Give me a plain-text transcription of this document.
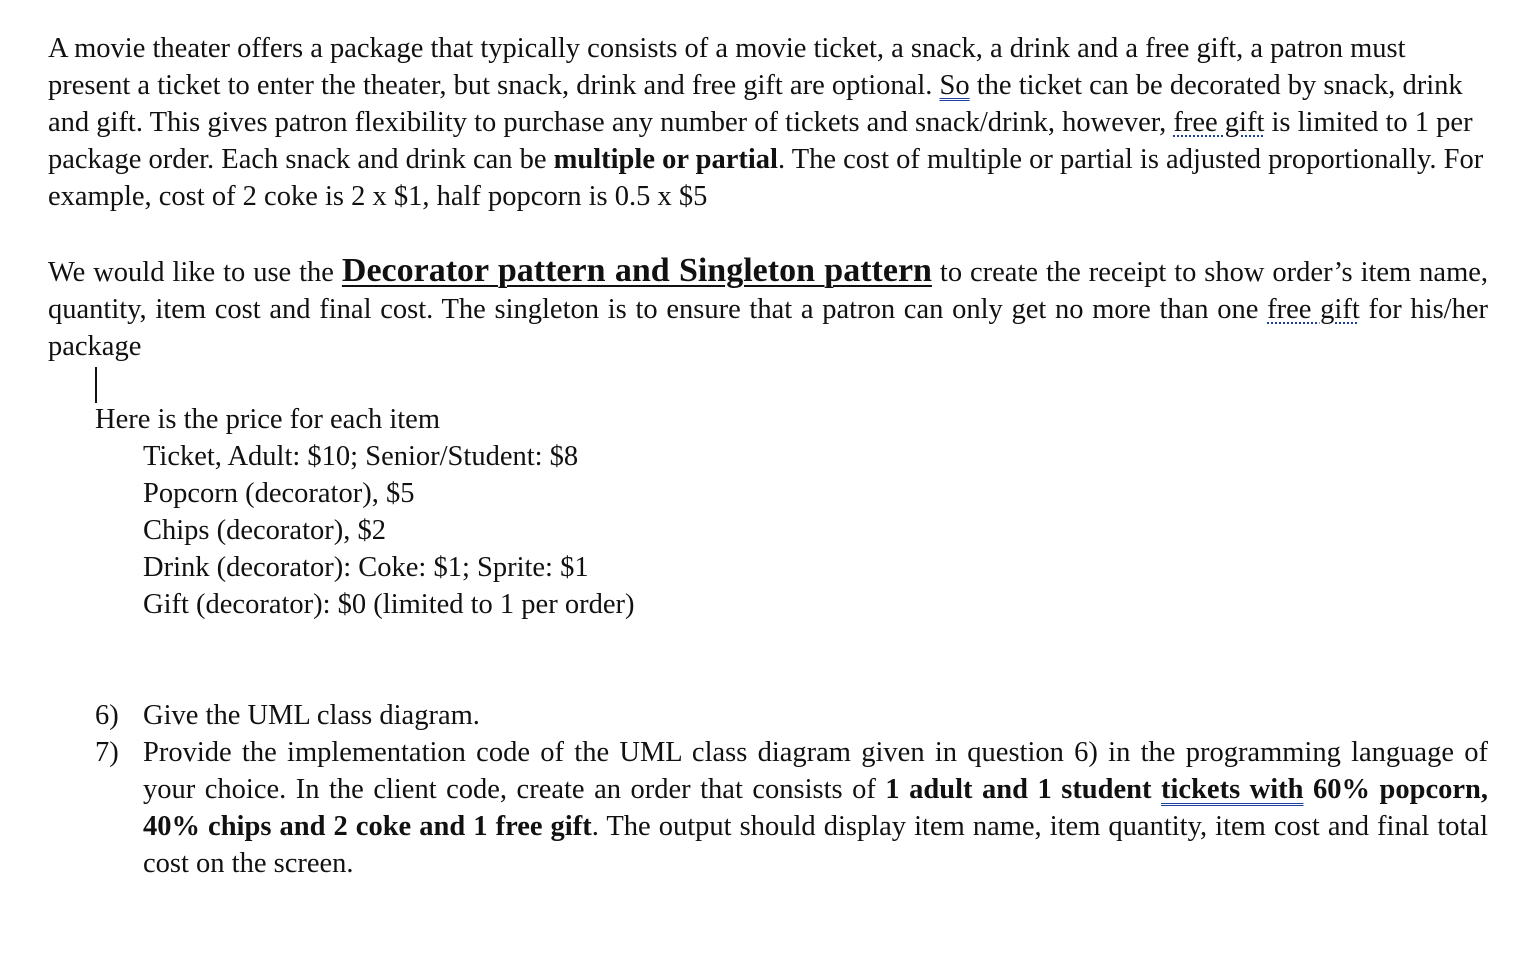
A movie theater offers a package that typically consists of a movie ticket, a snack, a drink and a free gift, a patron must present a ticket to enter the theater, but snack, drink and free gift are optional. So the ticket can be decorated by snack, drink and gift. This gives patron flexibility to purchase any number of tickets and snack/drink, however, free gift is limited to 1 per package order. Each snack and drink can be multiple or partial. The cost of multiple or partial is adjusted proportionally. For example, cost of 2 coke is 2 x $1, half popcorn is 0.5 x $5

We would like to use the Decorator pattern and Singleton pattern to create the receipt to show order’s item name, quantity, item cost and final cost. The singleton is to ensure that a patron can only get no more than one free gift for his/her package

Here is the price for each item
Ticket, Adult: $10; Senior/Student: $8
Popcorn (decorator), $5
Chips (decorator), $2
Drink (decorator): Coke: $1; Sprite: $1
Gift (decorator): $0 (limited to 1 per order)
6) Give the UML class diagram.
7) Provide the implementation code of the UML class diagram given in question 6) in the programming language of your choice. In the client code, create an order that consists of 1 adult and 1 student tickets with 60% popcorn, 40% chips and 2 coke and 1 free gift. The output should display item name, item quantity, item cost and final total cost on the screen.
